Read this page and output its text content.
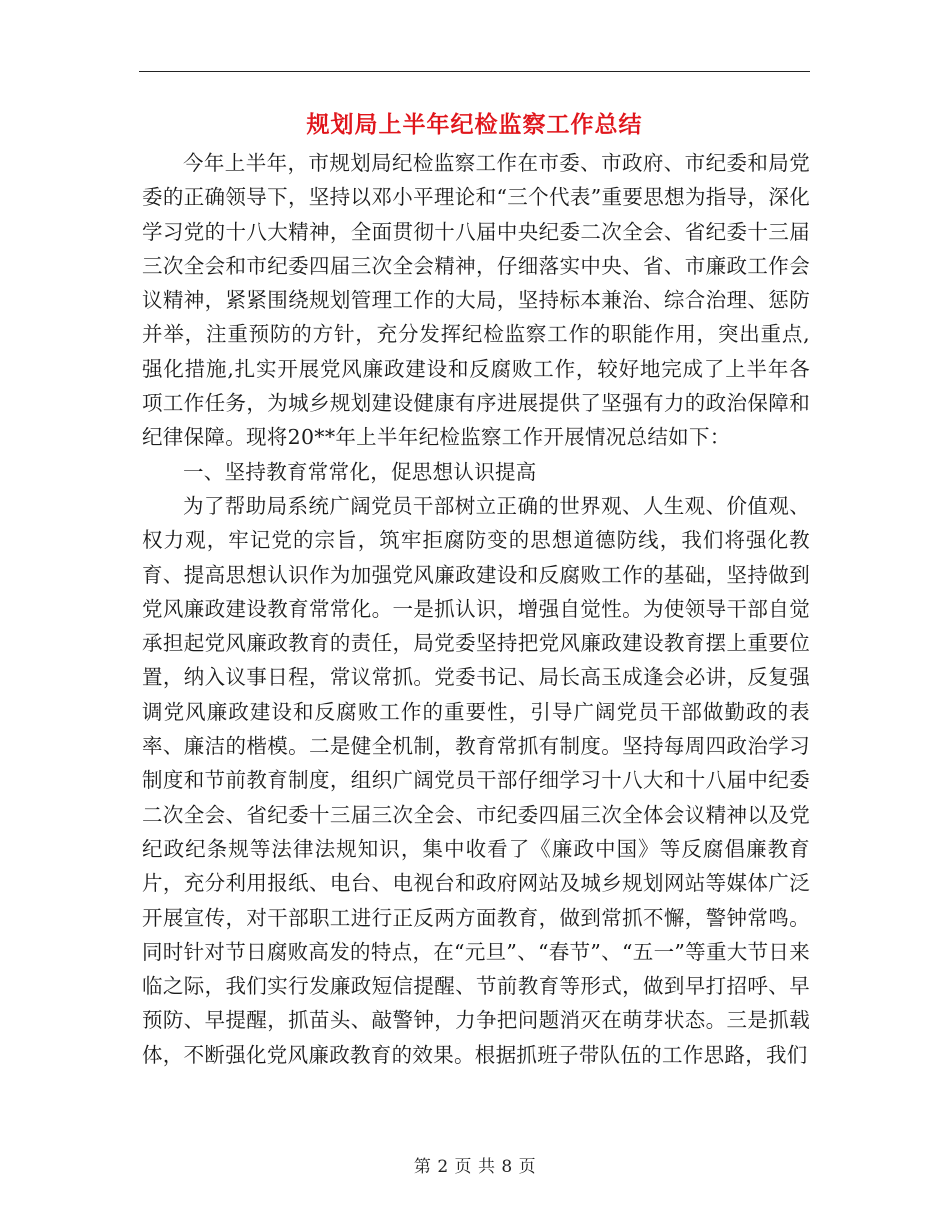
规划局上半年纪检监察工作总结

今年上半年，市规划局纪检监察工作在市委、市政府、市纪委和局党委的正确领导下，坚持以邓小平理论和“三个代表”重要思想为指导，深化学习党的十八大精神，全面贯彻十八届中央纪委二次全会、省纪委十三届三次全会和市纪委四届三次全会精神，仔细落实中央、省、市廉政工作会议精神，紧紧围绕规划管理工作的大局，坚持标本兼治、综合治理、惩防并举，注重预防的方针，充分发挥纪检监察工作的职能作用，突出重点,强化措施,扎实开展党风廉政建设和反腐败工作，较好地完成了上半年各项工作任务，为城乡规划建设健康有序进展提供了坚强有力的政治保障和纪律保障。现将20**年上半年纪检监察工作开展情况总结如下：

一、坚持教育常常化，促思想认识提高

为了帮助局系统广阔党员干部树立正确的世界观、人生观、价值观、权力观，牢记党的宗旨，筑牢拒腐防变的思想道德防线，我们将强化教育、提高思想认识作为加强党风廉政建设和反腐败工作的基础，坚持做到党风廉政建设教育常常化。一是抓认识，增强自觉性。为使领导干部自觉承担起党风廉政教育的责任，局党委坚持把党风廉政建设教育摆上重要位置，纳入议事日程，常议常抓。党委书记、局长高玉成逢会必讲，反复强调党风廉政建设和反腐败工作的重要性，引导广阔党员干部做勤政的表率、廉洁的楷模。二是健全机制，教育常抓有制度。坚持每周四政治学习制度和节前教育制度，组织广阔党员干部仔细学习十八大和十八届中纪委二次全会、省纪委十三届三次全会、市纪委四届三次全体会议精神以及党纪政纪条规等法律法规知识，集中收看了《廉政中国》等反腐倡廉教育片，充分利用报纸、电台、电视台和政府网站及城乡规划网站等媒体广泛开展宣传，对干部职工进行正反两方面教育，做到常抓不懈，警钟常鸣。同时针对节日腐败高发的特点，在“元旦”、“春节”、“五一”等重大节日来临之际，我们实行发廉政短信提醒、节前教育等形式，做到早打招呼、早预防、早提醒，抓苗头、敲警钟，力争把问题消灭在萌芽状态。三是抓载体，不断强化党风廉政教育的效果。根据抓班子带队伍的工作思路，我们

第 2 页 共 8 页
